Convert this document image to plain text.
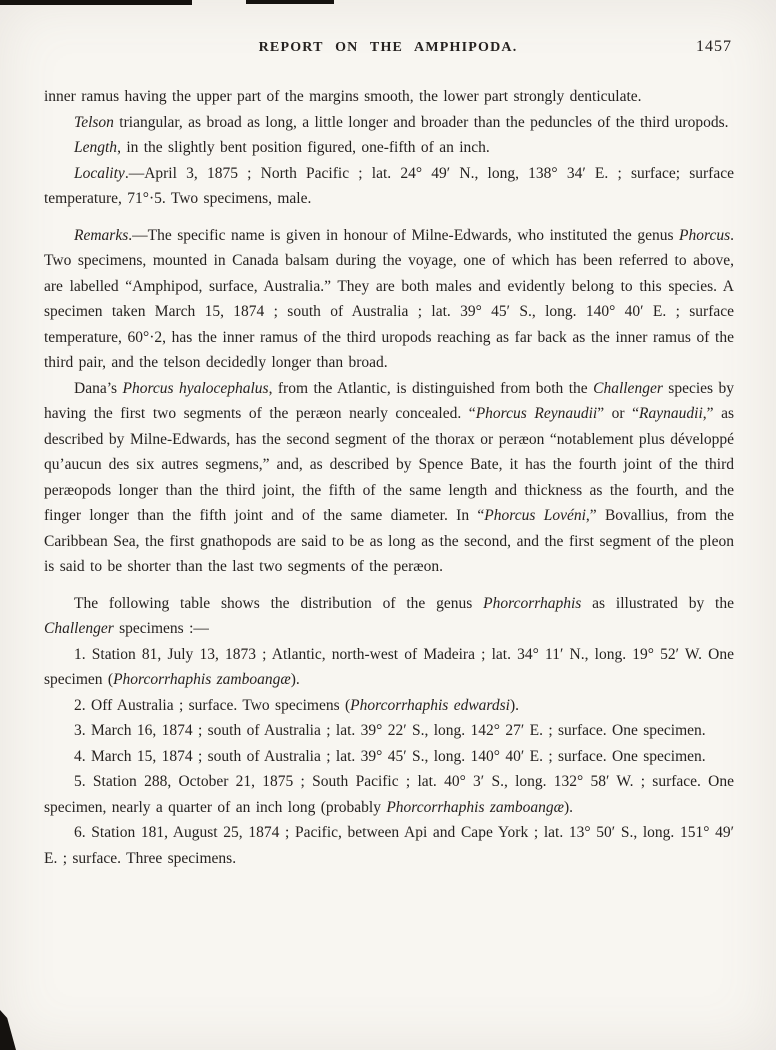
REPORT ON THE AMPHIPODA.	1457

inner ramus having the upper part of the margins smooth, the lower part strongly denticulate.

Telson triangular, as broad as long, a little longer and broader than the peduncles of the third uropods.

Length, in the slightly bent position figured, one-fifth of an inch.

Locality.—April 3, 1875 ; North Pacific ; lat. 24° 49′ N., long, 138° 34′ E. ; surface; surface temperature, 71°·5. Two specimens, male.

Remarks.—The specific name is given in honour of Milne-Edwards, who instituted the genus Phorcus. Two specimens, mounted in Canada balsam during the voyage, one of which has been referred to above, are labelled “Amphipod, surface, Australia.” They are both males and evidently belong to this species. A specimen taken March 15, 1874 ; south of Australia ; lat. 39° 45′ S., long. 140° 40′ E. ; surface temperature, 60°·2, has the inner ramus of the third uropods reaching as far back as the inner ramus of the third pair, and the telson decidedly longer than broad.

Dana’s Phorcus hyalocephalus, from the Atlantic, is distinguished from both the Challenger species by having the first two segments of the peræon nearly concealed. “Phorcus Reynaudii” or “Raynaudii,” as described by Milne-Edwards, has the second segment of the thorax or peræon “notablement plus développé qu’aucun des six autres segmens,” and, as described by Spence Bate, it has the fourth joint of the third peræopods longer than the third joint, the fifth of the same length and thickness as the fourth, and the finger longer than the fifth joint and of the same diameter. In “Phorcus Lovéni,” Bovallius, from the Caribbean Sea, the first gnathopods are said to be as long as the second, and the first segment of the pleon is said to be shorter than the last two segments of the peræon.

The following table shows the distribution of the genus Phorcorrhaphis as illustrated by the Challenger specimens :—

1. Station 81, July 13, 1873 ; Atlantic, north-west of Madeira ; lat. 34° 11′ N., long. 19° 52′ W. One specimen (Phorcorrhaphis zamboangæ).

2. Off Australia ; surface. Two specimens (Phorcorrhaphis edwardsi).

3. March 16, 1874 ; south of Australia ; lat. 39° 22′ S., long. 142° 27′ E. ; surface. One specimen.

4. March 15, 1874 ; south of Australia ; lat. 39° 45′ S., long. 140° 40′ E. ; surface. One specimen.

5. Station 288, October 21, 1875 ; South Pacific ; lat. 40° 3′ S., long. 132° 58′ W. ; surface. One specimen, nearly a quarter of an inch long (probably Phorcorrhaphis zamboangæ).

6. Station 181, August 25, 1874 ; Pacific, between Api and Cape York ; lat. 13° 50′ S., long. 151° 49′ E. ; surface. Three specimens.
